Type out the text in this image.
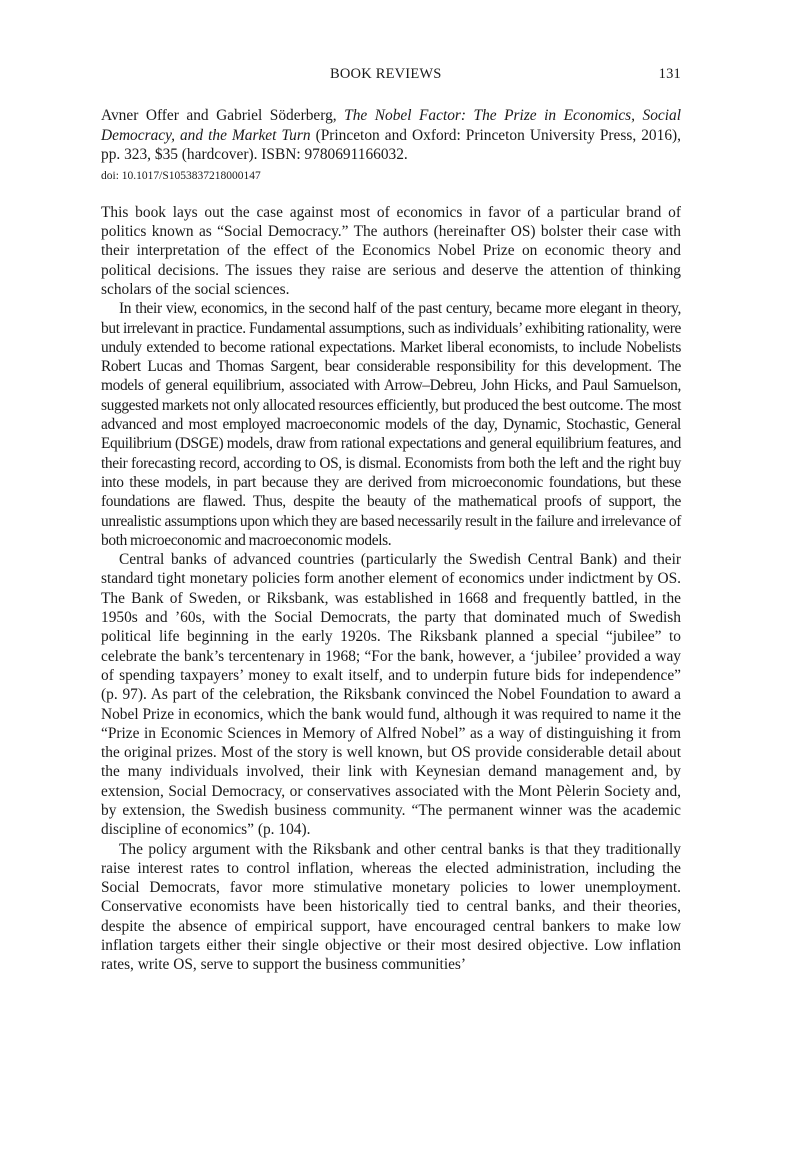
BOOK REVIEWS	131
Avner Offer and Gabriel Söderberg, The Nobel Factor: The Prize in Economics, Social Democracy, and the Market Turn (Princeton and Oxford: Princeton University Press, 2016), pp. 323, $35 (hardcover). ISBN: 9780691166032.
doi: 10.1017/S1053837218000147

This book lays out the case against most of economics in favor of a particular brand of politics known as “Social Democracy.” The authors (hereinafter OS) bolster their case with their interpretation of the effect of the Economics Nobel Prize on economic theory and political decisions. The issues they raise are serious and deserve the attention of thinking scholars of the social sciences.

In their view, economics, in the second half of the past century, became more elegant in theory, but irrelevant in practice. Fundamental assumptions, such as individuals’ exhibiting rationality, were unduly extended to become rational expectations. Market liberal economists, to include Nobelists Robert Lucas and Thomas Sargent, bear considerable responsibility for this development. The models of general equilibrium, associated with Arrow–Debreu, John Hicks, and Paul Samuelson, suggested markets not only allocated resources efficiently, but produced the best outcome. The most advanced and most employed macroeconomic models of the day, Dynamic, Stochastic, General Equilibrium (DSGE) models, draw from rational expectations and general equilibrium features, and their forecasting record, according to OS, is dismal. Economists from both the left and the right buy into these models, in part because they are derived from microeconomic foundations, but these foundations are flawed. Thus, despite the beauty of the mathematical proofs of support, the unrealistic assumptions upon which they are based necessarily result in the failure and irrelevance of both microeconomic and macroeconomic models.

Central banks of advanced countries (particularly the Swedish Central Bank) and their standard tight monetary policies form another element of economics under indictment by OS. The Bank of Sweden, or Riksbank, was established in 1668 and frequently battled, in the 1950s and ’60s, with the Social Democrats, the party that dominated much of Swedish political life beginning in the early 1920s. The Riksbank planned a special “jubilee” to celebrate the bank’s tercentenary in 1968; “For the bank, however, a ‘jubilee’ provided a way of spending taxpayers’ money to exalt itself, and to underpin future bids for independence” (p. 97). As part of the celebration, the Riksbank convinced the Nobel Foundation to award a Nobel Prize in economics, which the bank would fund, although it was required to name it the “Prize in Economic Sciences in Memory of Alfred Nobel” as a way of distinguishing it from the original prizes. Most of the story is well known, but OS provide considerable detail about the many individuals involved, their link with Keynesian demand management and, by extension, Social Democracy, or conservatives associated with the Mont Pèlerin Society and, by extension, the Swedish business community. “The permanent winner was the academic discipline of economics” (p. 104).

The policy argument with the Riksbank and other central banks is that they traditionally raise interest rates to control inflation, whereas the elected administration, including the Social Democrats, favor more stimulative monetary policies to lower unemployment. Conservative economists have been historically tied to central banks, and their theories, despite the absence of empirical support, have encouraged central bankers to make low inflation targets either their single objective or their most desired objective. Low inflation rates, write OS, serve to support the business communities’
